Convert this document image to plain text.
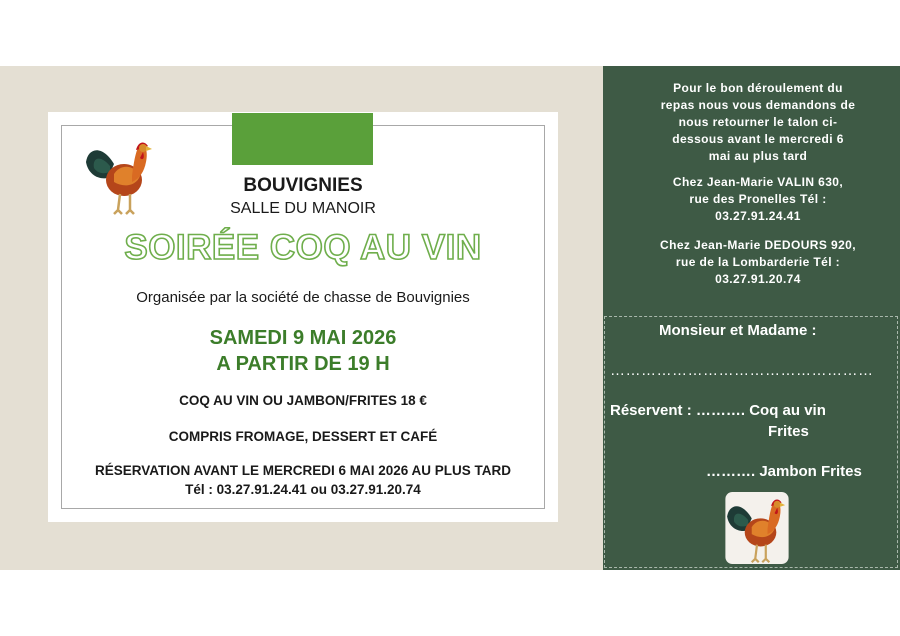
BOUVIGNIES
SALLE DU MANOIR
SOIRÉE COQ AU VIN
Organisée par la société de chasse de Bouvignies
SAMEDI 9 MAI 2026
A PARTIR DE 19 H
COQ AU VIN OU JAMBON/FRITES 18 €
COMPRIS FROMAGE, DESSERT ET CAFÉ
RÉSERVATION AVANT LE MERCREDI 6 MAI 2026 AU PLUS TARD
Tél : 03.27.91.24.41 ou 03.27.91.20.74
Pour le bon déroulement du
repas nous vous demandons de
nous retourner le talon ci-
dessous avant le mercredi 6
mai au plus tard
Chez Jean-Marie VALIN 630,
rue des Pronelles Tél :
03.27.91.24.41
Chez Jean-Marie DEDOURS 920,
rue de la Lombarderie Tél :
03.27.91.20.74
Monsieur et Madame :
……………………………………………
Réservent : ………. Coq au vin
Frites
………. Jambon Frites
